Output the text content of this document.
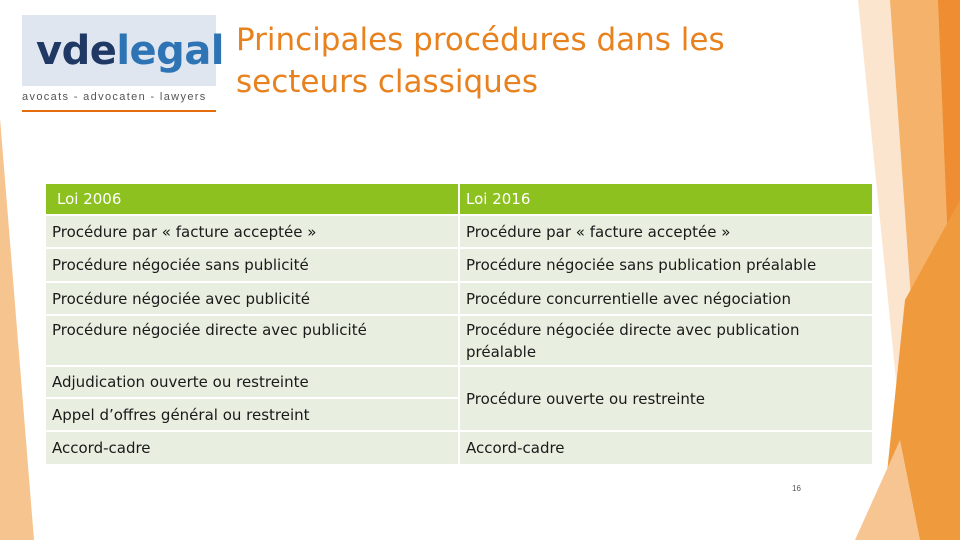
vdelegal
avocats - advocaten - lawyers
Principales procédures dans les secteurs classiques
Loi 2006	Loi 2016
Procédure par « facture acceptée »	Procédure par « facture acceptée »
Procédure négociée sans publicité	Procédure négociée sans publication préalable
Procédure négociée avec publicité	Procédure concurrentielle avec négociation
Procédure négociée directe avec publicité	Procédure négociée directe avec publication préalable
Adjudication ouverte ou restreinte	Procédure ouverte ou restreinte
Appel d’offres général ou restreint	
Accord-cadre	Accord-cadre
16
